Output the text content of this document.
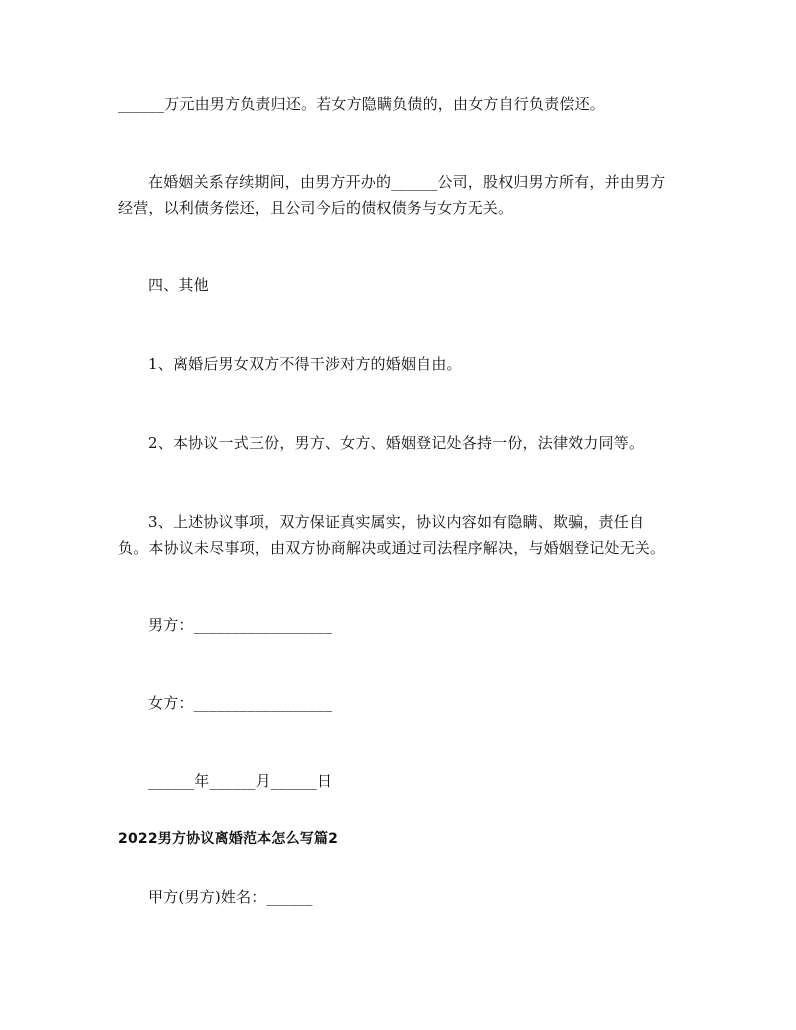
______万元由男方负责归还。若女方隐瞒负债的，由女方自行负责偿还。

在婚姻关系存续期间，由男方开办的______公司，股权归男方所有，并由男方

经营，以利债务偿还，且公司今后的债权债务与女方无关。

四、其他

1、离婚后男女双方不得干涉对方的婚姻自由。

2、本协议一式三份，男方、女方、婚姻登记处各持一份，法律效力同等。

3、上述协议事项，双方保证真实属实，协议内容如有隐瞒、欺骗，责任自

负。本协议未尽事项，由双方协商解决或通过司法程序解决，与婚姻登记处无关。

男方：__________________

女方：__________________

______年______月______日

2022男方协议离婚范本怎么写篇2

甲方(男方)姓名：______
